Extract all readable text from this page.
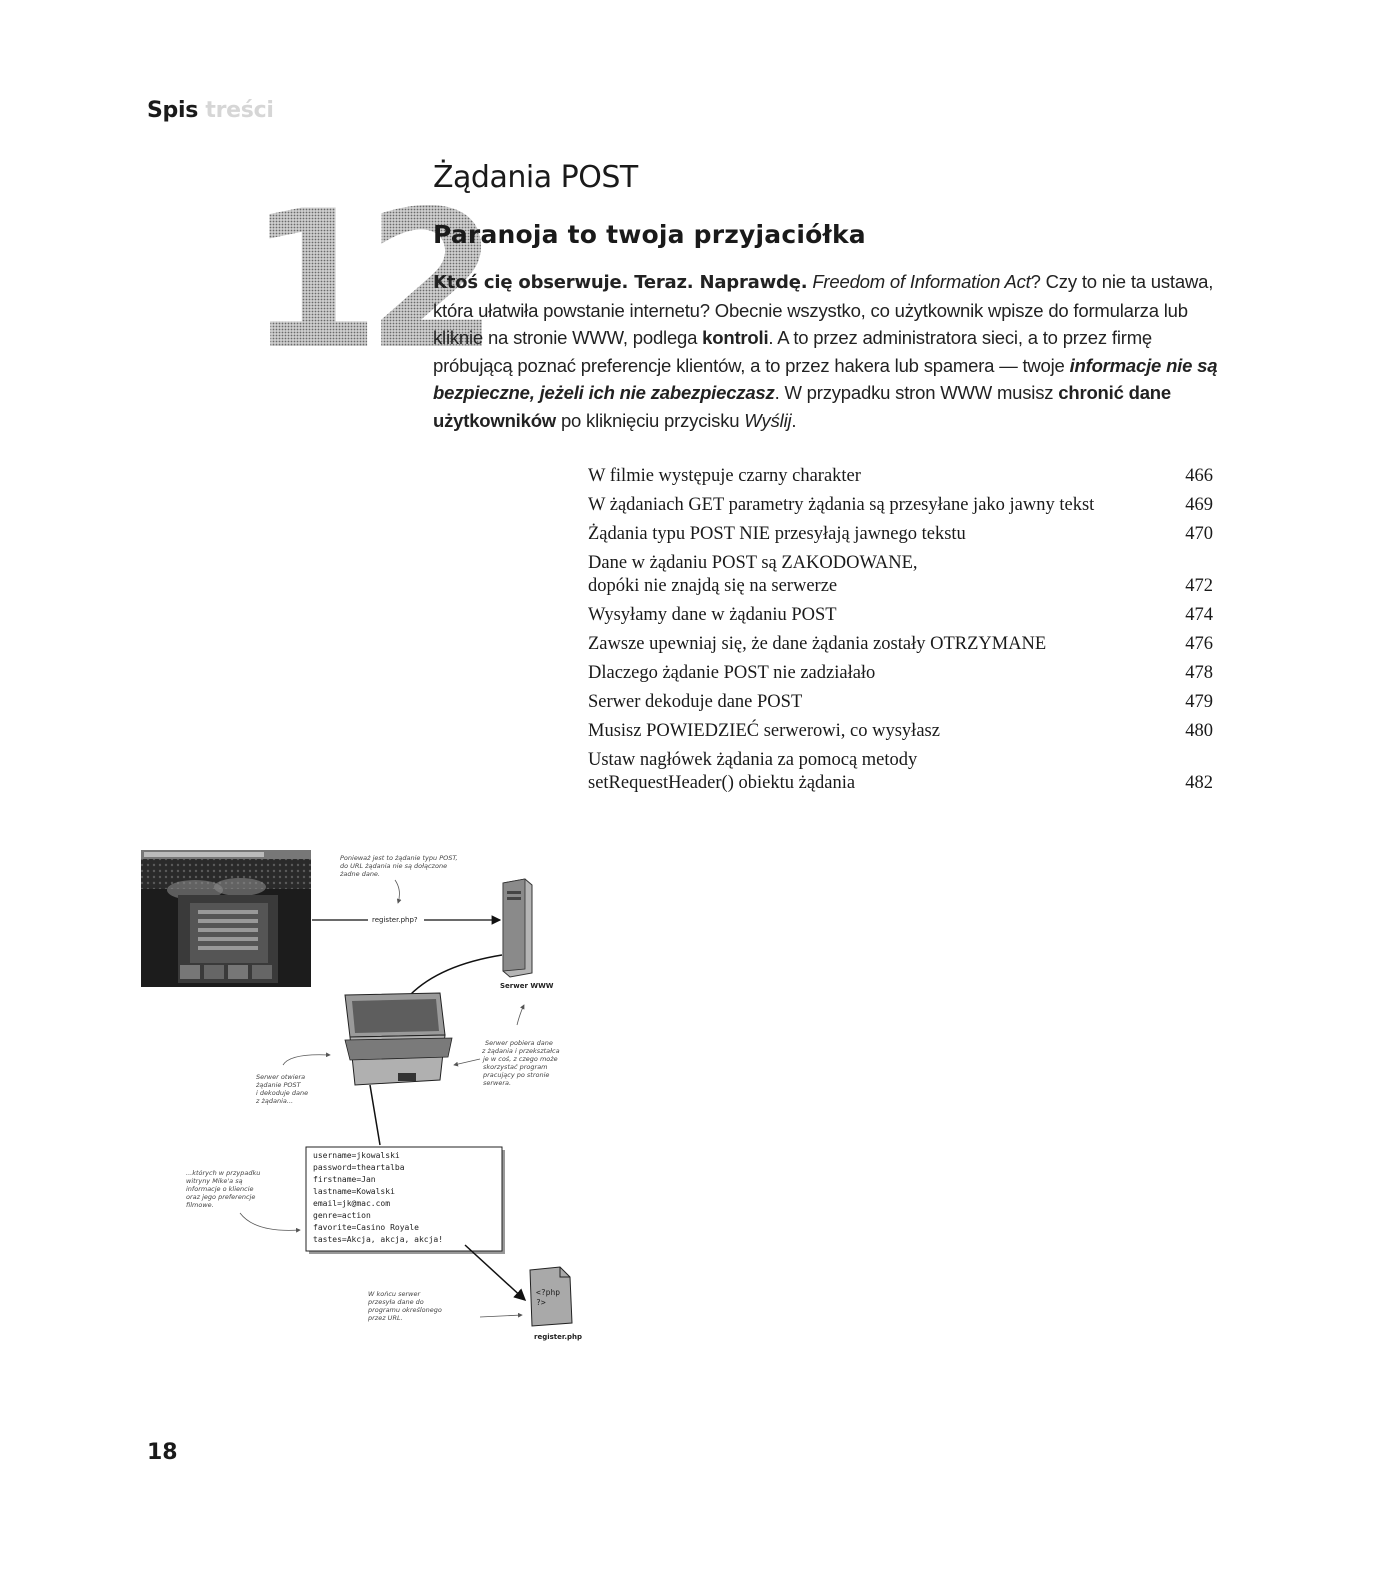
Spis treści
12
Żądania POST
Paranoja to twoja przyjaciółka
Ktoś cię obserwuje. Teraz. Naprawdę. Freedom of Information Act? Czy to nie ta ustawa, która ułatwiła powstanie internetu? Obecnie wszystko, co użytkownik wpisze do formularza lub kliknie na stronie WWW, podlega kontroli. A to przez administratora sieci, a to przez firmę próbującą poznać preferencje klientów, a to przez hakera lub spamera — twoje informacje nie są bezpieczne, jeżeli ich nie zabezpieczasz. W przypadku stron WWW musisz chronić dane użytkowników po kliknięciu przycisku Wyślij.
W filmie występuje czarny charakter	466
W żądaniach GET parametry żądania są przesyłane jako jawny tekst	469
Żądania typu POST NIE przesyłają jawnego tekstu	470
Dane w żądaniu POST są ZAKODOWANE,
dopóki nie znajdą się na serwerze	472
Wysyłamy dane w żądaniu POST	474
Zawsze upewniaj się, że dane żądania zostały OTRZYMANE	476
Dlaczego żądanie POST nie zadziałało	478
Serwer dekoduje dane POST	479
Musisz POWIEDZIEĆ serwerowi, co wysyłasz	480
Ustaw nagłówek żądania za pomocą metody
setRequestHeader() obiektu żądania	482
Ponieważ jest to żądanie typu POST,
do URL żądania nie są dołączone
żadne dane.
register.php?
Serwer WWW
Serwer pobiera dane
z żądania i przekształca
je w coś, z czego może
skorzystać program
pracujący po stronie
serwera.
Serwer otwiera
żądanie POST
i dekoduje dane
z żądania...
username=jkowalski
password=theartalba
firstname=Jan
lastname=Kowalski
email=jk@mac.com
genre=action
favorite=Casino Royale
tastes=Akcja, akcja, akcja!
...których w przypadku
witryny Mike'a są
informacje o kliencie
oraz jego preferencje
filmowe.
<?php
?>
register.php
W końcu serwer
przesyła dane do
programu określonego
przez URL.
18
